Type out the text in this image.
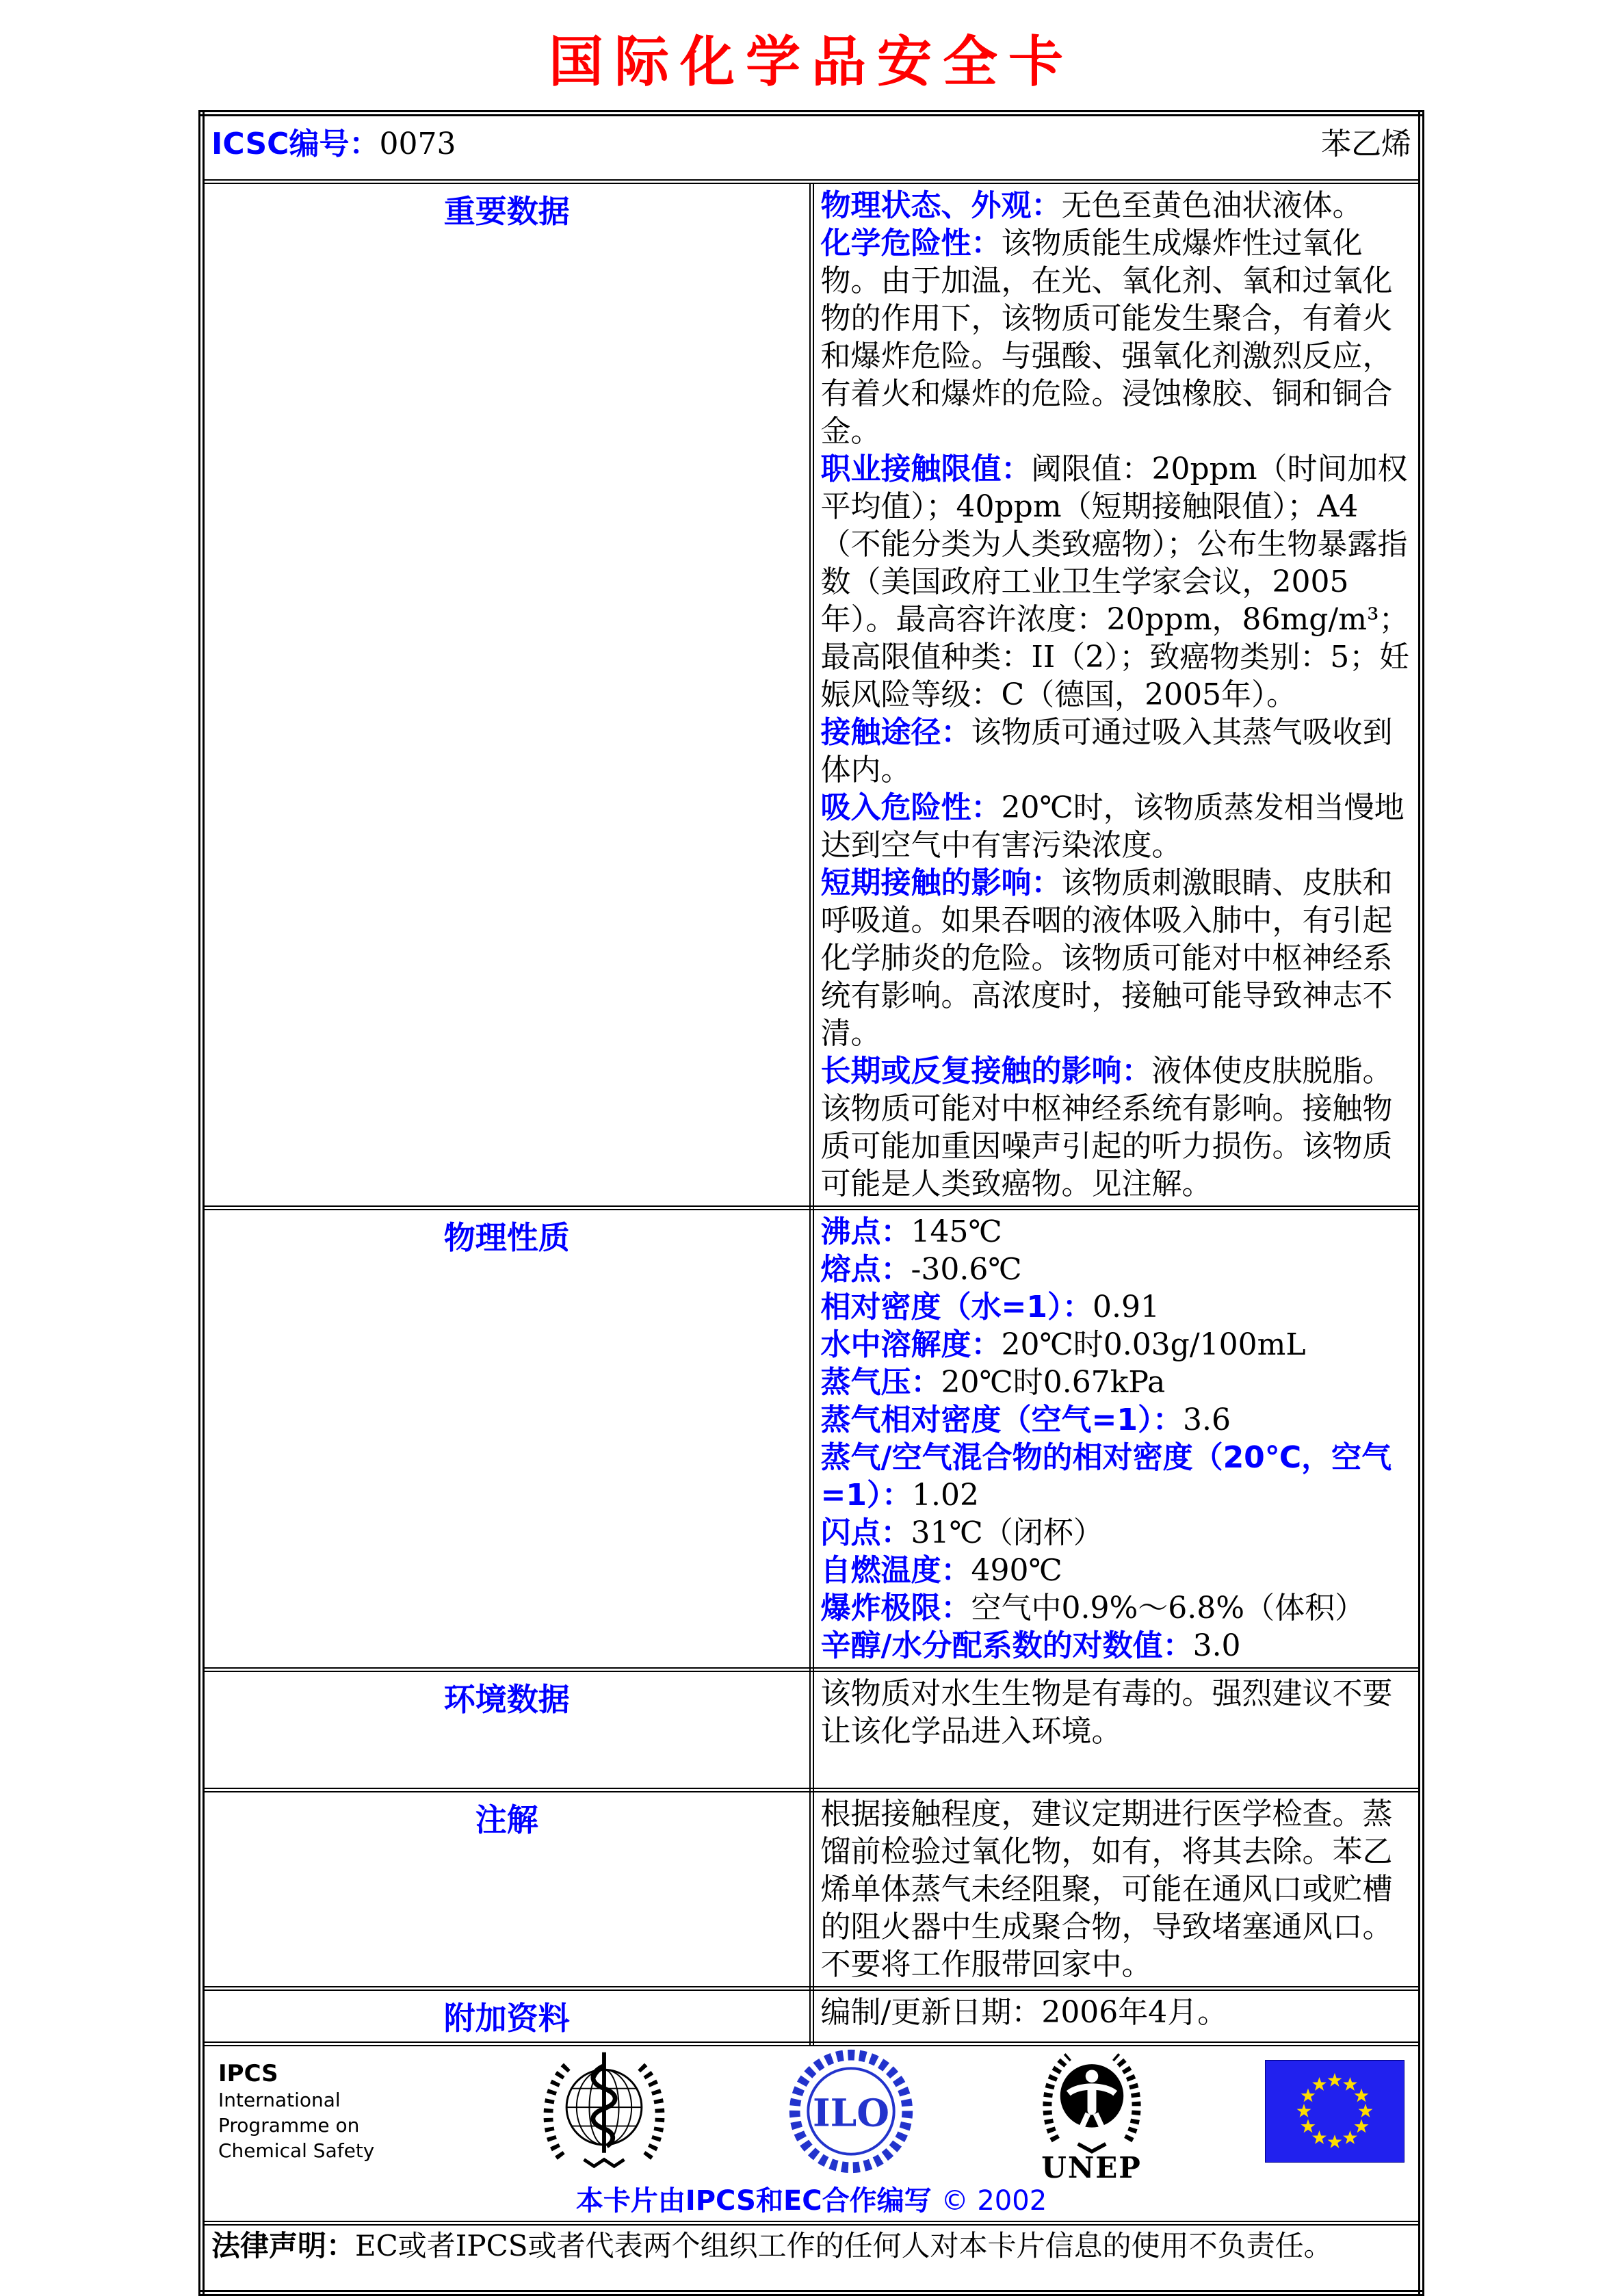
国际化学品安全卡
ICSC编号：0073 苯乙烯	

重要数据	物理状态、外观：无色至黄色油状液体。
化学危险性：该物质能生成爆炸性过氧化物。由于加温，在光、氧化剂、氧和过氧化物的作用下，该物质可能发生聚合，有着火和爆炸危险。与强酸、强氧化剂激烈反应，有着火和爆炸的危险。浸蚀橡胶、铜和铜合金。
职业接触限值：阈限值：20ppm（时间加权平均值）；40ppm（短期接触限值）；A4（不能分类为人类致癌物）；公布生物暴露指数（美国政府工业卫生学家会议，2005年）。最高容许浓度：20ppm，86mg/m³；最高限值种类：II（2）；致癌物类别：5；妊娠风险等级：C（德国，2005年）。
接触途径：该物质可通过吸入其蒸气吸收到体内。
吸入危险性：20℃时，该物质蒸发相当慢地达到空气中有害污染浓度。
短期接触的影响：该物质刺激眼睛、皮肤和呼吸道。如果吞咽的液体吸入肺中，有引起化学肺炎的危险。该物质可能对中枢神经系统有影响。高浓度时，接触可能导致神志不清。
长期或反复接触的影响：液体使皮肤脱脂。该物质可能对中枢神经系统有影响。接触物质可能加重因噪声引起的听力损伤。该物质可能是人类致癌物。见注解。

物理性质	沸点：145℃
熔点：-30.6℃
相对密度（水=1）：0.91
水中溶解度：20℃时0.03g/100mL
蒸气压：20℃时0.67kPa
蒸气相对密度（空气=1）：3.6
蒸气/空气混合物的相对密度（20℃，空气=1）：1.02
闪点：31℃（闭杯）
自燃温度：490℃
爆炸极限：空气中0.9%～6.8%（体积）
辛醇/水分配系数的对数值：3.0

环境数据	该物质对水生生物是有毒的。强烈建议不要让该化学品进入环境。
注解	根据接触程度，建议定期进行医学检查。蒸馏前检验过氧化物，如有，将其去除。苯乙烯单体蒸气未经阻聚，可能在通风口或贮槽的阻火器中生成聚合物，导致堵塞通风口。不要将工作服带回家中。
附加资料	编制/更新日期：2006年4月。

IPCS
International
Programme on
Chemical Safety
ILO
UNEP
本卡片由IPCS和EC合作编写 © 2002

法律声明：EC或者IPCS或者代表两个组织工作的任何人对本卡片信息的使用不负责任。	
